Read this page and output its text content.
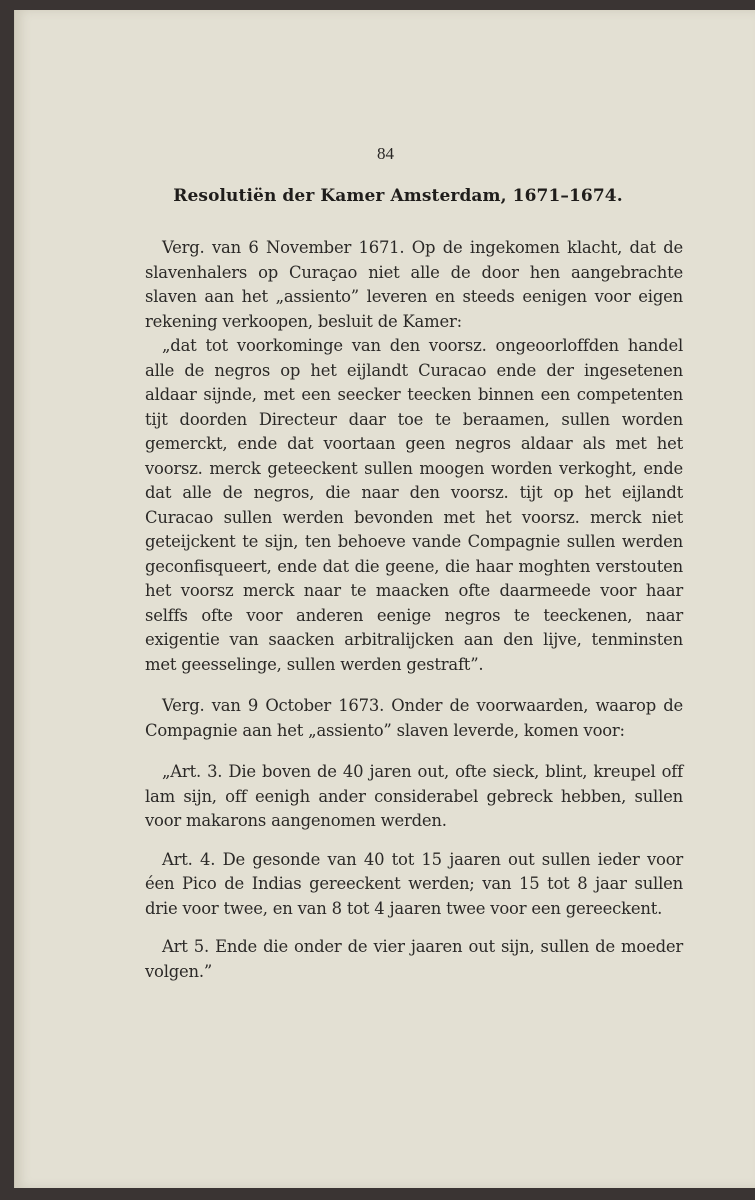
84

Resolutiën der Kamer Amsterdam, 1671–1674.

Verg. van 6 November 1671. Op de ingekomen klacht, dat de slavenhalers op Curaçao niet alle de door hen aangebrachte slaven aan het „assiento” leveren en steeds eenigen voor eigen rekening verkoopen, besluit de Kamer:

„dat tot voorkominge van den voorsz. ongeoorloffden handel alle de negros op het eijlandt Curacao ende der ingesetenen aldaar sijnde, met een seecker teecken binnen een competenten tijt doorden Directeur daar toe te beraamen, sullen worden gemerckt, ende dat voortaan geen negros aldaar als met het voorsz. merck geteeckent sullen moogen worden verkoght, ende dat alle de negros, die naar den voorsz. tijt op het eijlandt Curacao sullen werden bevonden met het voorsz. merck niet geteijckent te sijn, ten behoeve vande Compagnie sullen werden geconfisqueert, ende dat die geene, die haar moghten verstouten het voorsz merck naar te maacken ofte daarmeede voor haar selffs ofte voor anderen eenige negros te teeckenen, naar exigentie van saacken arbitralijcken aan den lijve, tenminsten met geesselinge, sullen werden gestraft”.

Verg. van 9 October 1673. Onder de voorwaarden, waarop de Compagnie aan het „assiento” slaven leverde, komen voor:

„Art. 3. Die boven de 40 jaren out, ofte sieck, blint, kreupel off lam sijn, off eenigh ander considerabel gebreck hebben, sullen voor makarons aangenomen werden.

Art. 4. De gesonde van 40 tot 15 jaaren out sullen ieder voor éen Pico de Indias gereeckent werden; van 15 tot 8 jaar sullen drie voor twee, en van 8 tot 4 jaaren twee voor een gereeckent.

Art 5. Ende die onder de vier jaaren out sijn, sullen de moeder volgen.”
